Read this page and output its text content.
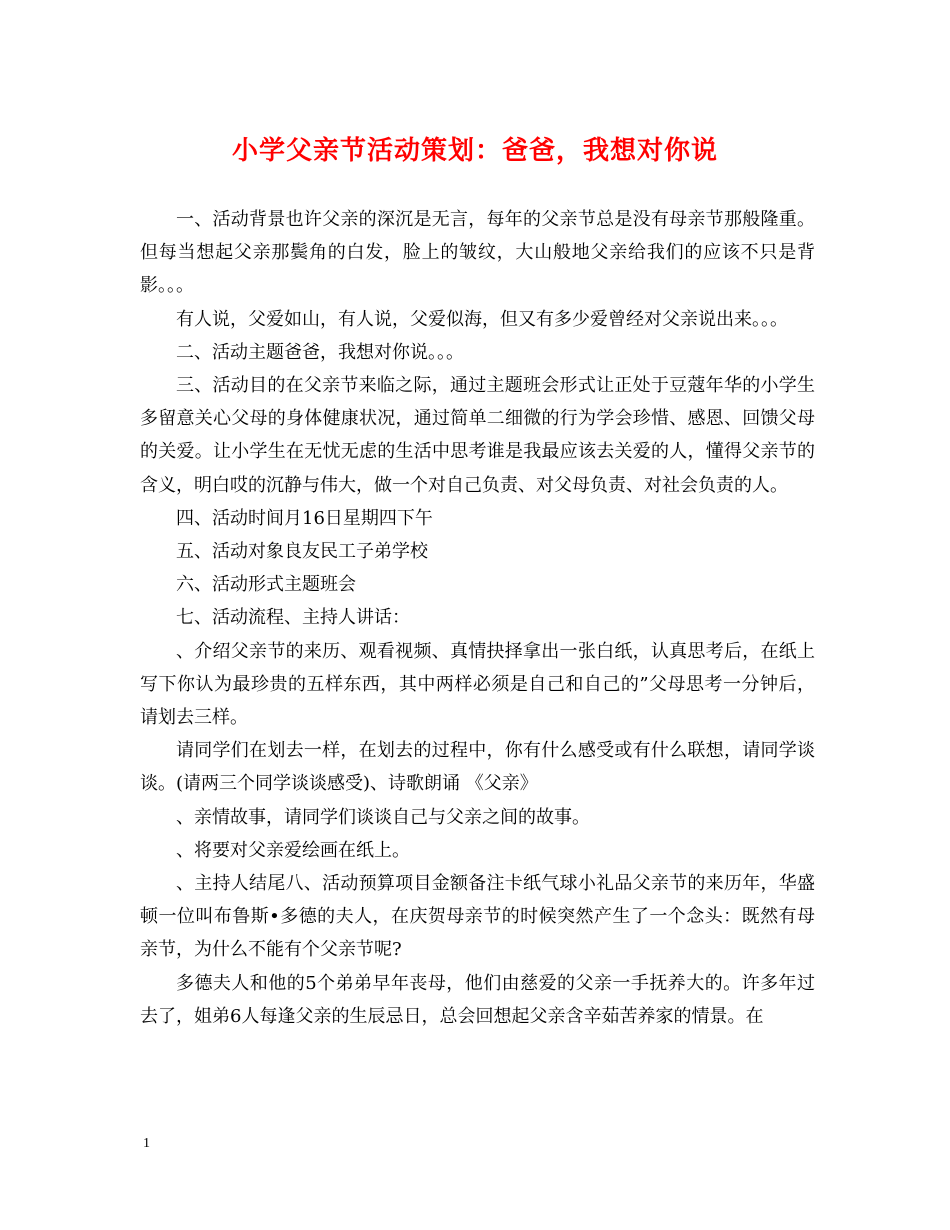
小学父亲节活动策划：爸爸，我想对你说

一、活动背景也许父亲的深沉是无言，每年的父亲节总是没有母亲节那般隆重。但每当想起父亲那鬓角的白发，脸上的皱纹，大山般地父亲给我们的应该不只是背影。。。

有人说，父爱如山，有人说，父爱似海，但又有多少爱曾经对父亲说出来。。。

二、活动主题爸爸，我想对你说。。。

三、活动目的在父亲节来临之际，通过主题班会形式让正处于豆蔻年华的小学生多留意关心父母的身体健康状况，通过简单二细微的行为学会珍惜、感恩、回馈父母的关爱。让小学生在无忧无虑的生活中思考谁是我最应该去关爱的人，懂得父亲节的含义，明白哎的沉静与伟大，做一个对自己负责、对父母负责、对社会负责的人。

四、活动时间月16日星期四下午

五、活动对象良友民工子弟学校

六、活动形式主题班会

七、活动流程、主持人讲话：

、介绍父亲节的来历、观看视频、真情抉择拿出一张白纸，认真思考后，在纸上写下你认为最珍贵的五样东西，其中两样必须是自己和自己的”父母思考一分钟后，请划去三样。

请同学们在划去一样，在划去的过程中，你有什么感受或有什么联想，请同学谈谈。(请两三个同学谈谈感受)、诗歌朗诵 《父亲》

、亲情故事，请同学们谈谈自己与父亲之间的故事。

、将要对父亲爱绘画在纸上。

、主持人结尾八、活动预算项目金额备注卡纸气球小礼品父亲节的来历年，华盛顿一位叫布鲁斯•多德的夫人，在庆贺母亲节的时候突然产生了一个念头：既然有母亲节，为什么不能有个父亲节呢?

多德夫人和他的5个弟弟早年丧母，他们由慈爱的父亲一手抚养大的。许多年过去了，姐弟6人每逢父亲的生辰忌日，总会回想起父亲含辛茹苦养家的情景。在

1
